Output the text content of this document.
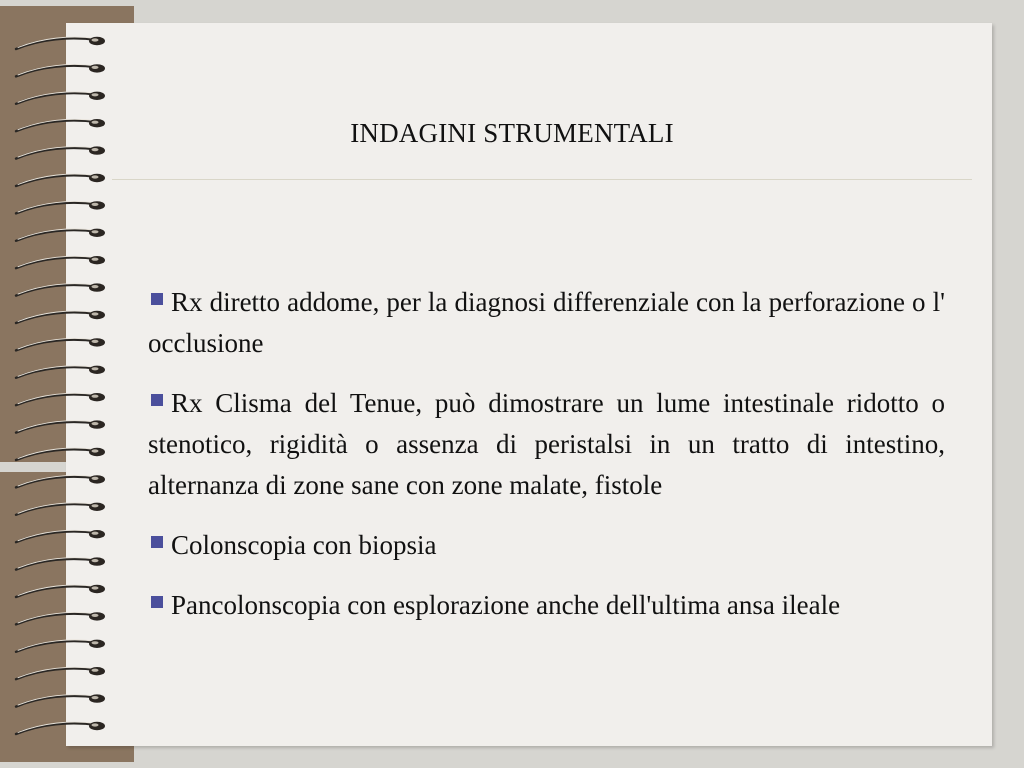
INDAGINI STRUMENTALI
Rx diretto addome, per la diagnosi differenziale con la perforazione o l' occlusione
Rx Clisma del Tenue, può dimostrare un lume intestinale ridotto o stenotico, rigidità o assenza di peristalsi in un tratto di intestino, alternanza di zone sane con zone malate, fistole
Colonscopia con biopsia
Pancolonscopia con esplorazione anche dell'ultima ansa ileale
